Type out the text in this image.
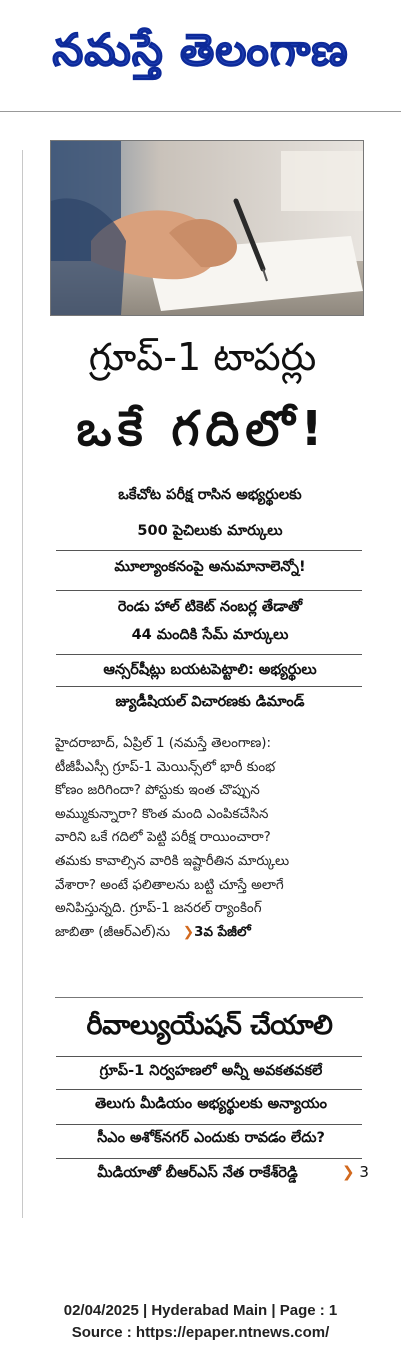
నమస్తే తెలంగాణ
గ్రూప్-1 టాపర్లు
ఒకే గదిలో!
ఒకేచోట పరీక్ష రాసిన అభ్యర్థులకు
500 పైచిలుకు మార్కులు
మూల్యాంకనంపై అనుమానాలెన్నో!
రెండు హాల్ టికెట్ నంబర్ల తేడాతో
44 మందికి సేమ్ మార్కులు
ఆన్సర్‌షీట్లు బయటపెట్టాలి: అభ్యర్థులు
జ్యుడీషియల్ విచారణకు డిమాండ్
హైదరాబాద్, ఏప్రిల్ 1 (నమస్తే తెలంగాణ):
టీజీపీఎస్సీ గ్రూప్-1 మెయిన్స్‌లో భారీ కుంభ
కోణం జరిగిందా? పోస్టుకు ఇంత చొప్పున
అమ్ముకున్నారా? కొంత మంది ఎంపికచేసిన
వారిని ఒకే గదిలో పెట్టి పరీక్ష రాయించారా?
తమకు కావాల్సిన వారికి ఇష్టారీతిన మార్కులు
వేశారా? అంటే ఫలితాలను బట్టి చూస్తే అలాగే
అనిపిస్తున్నది. గ్రూప్-1 జనరల్ ర్యాంకింగ్
జాబితా (జీఆర్‌ఎల్)ను ❯3వ పేజీలో
రీవాల్యుయేషన్ చేయాలి
గ్రూప్-1 నిర్వహణలో అన్నీ అవకతవకలే
తెలుగు మీడియం అభ్యర్థులకు అన్యాయం
సీఎం అశోక్‌నగర్ ఎందుకు రావడం లేదు?
మీడియాతో బీఆర్‌ఎస్ నేత రాకేశ్‌రెడ్డి	❯ 3
02/04/2025 | Hyderabad Main | Page : 1
Source : https://epaper.ntnews.com/
